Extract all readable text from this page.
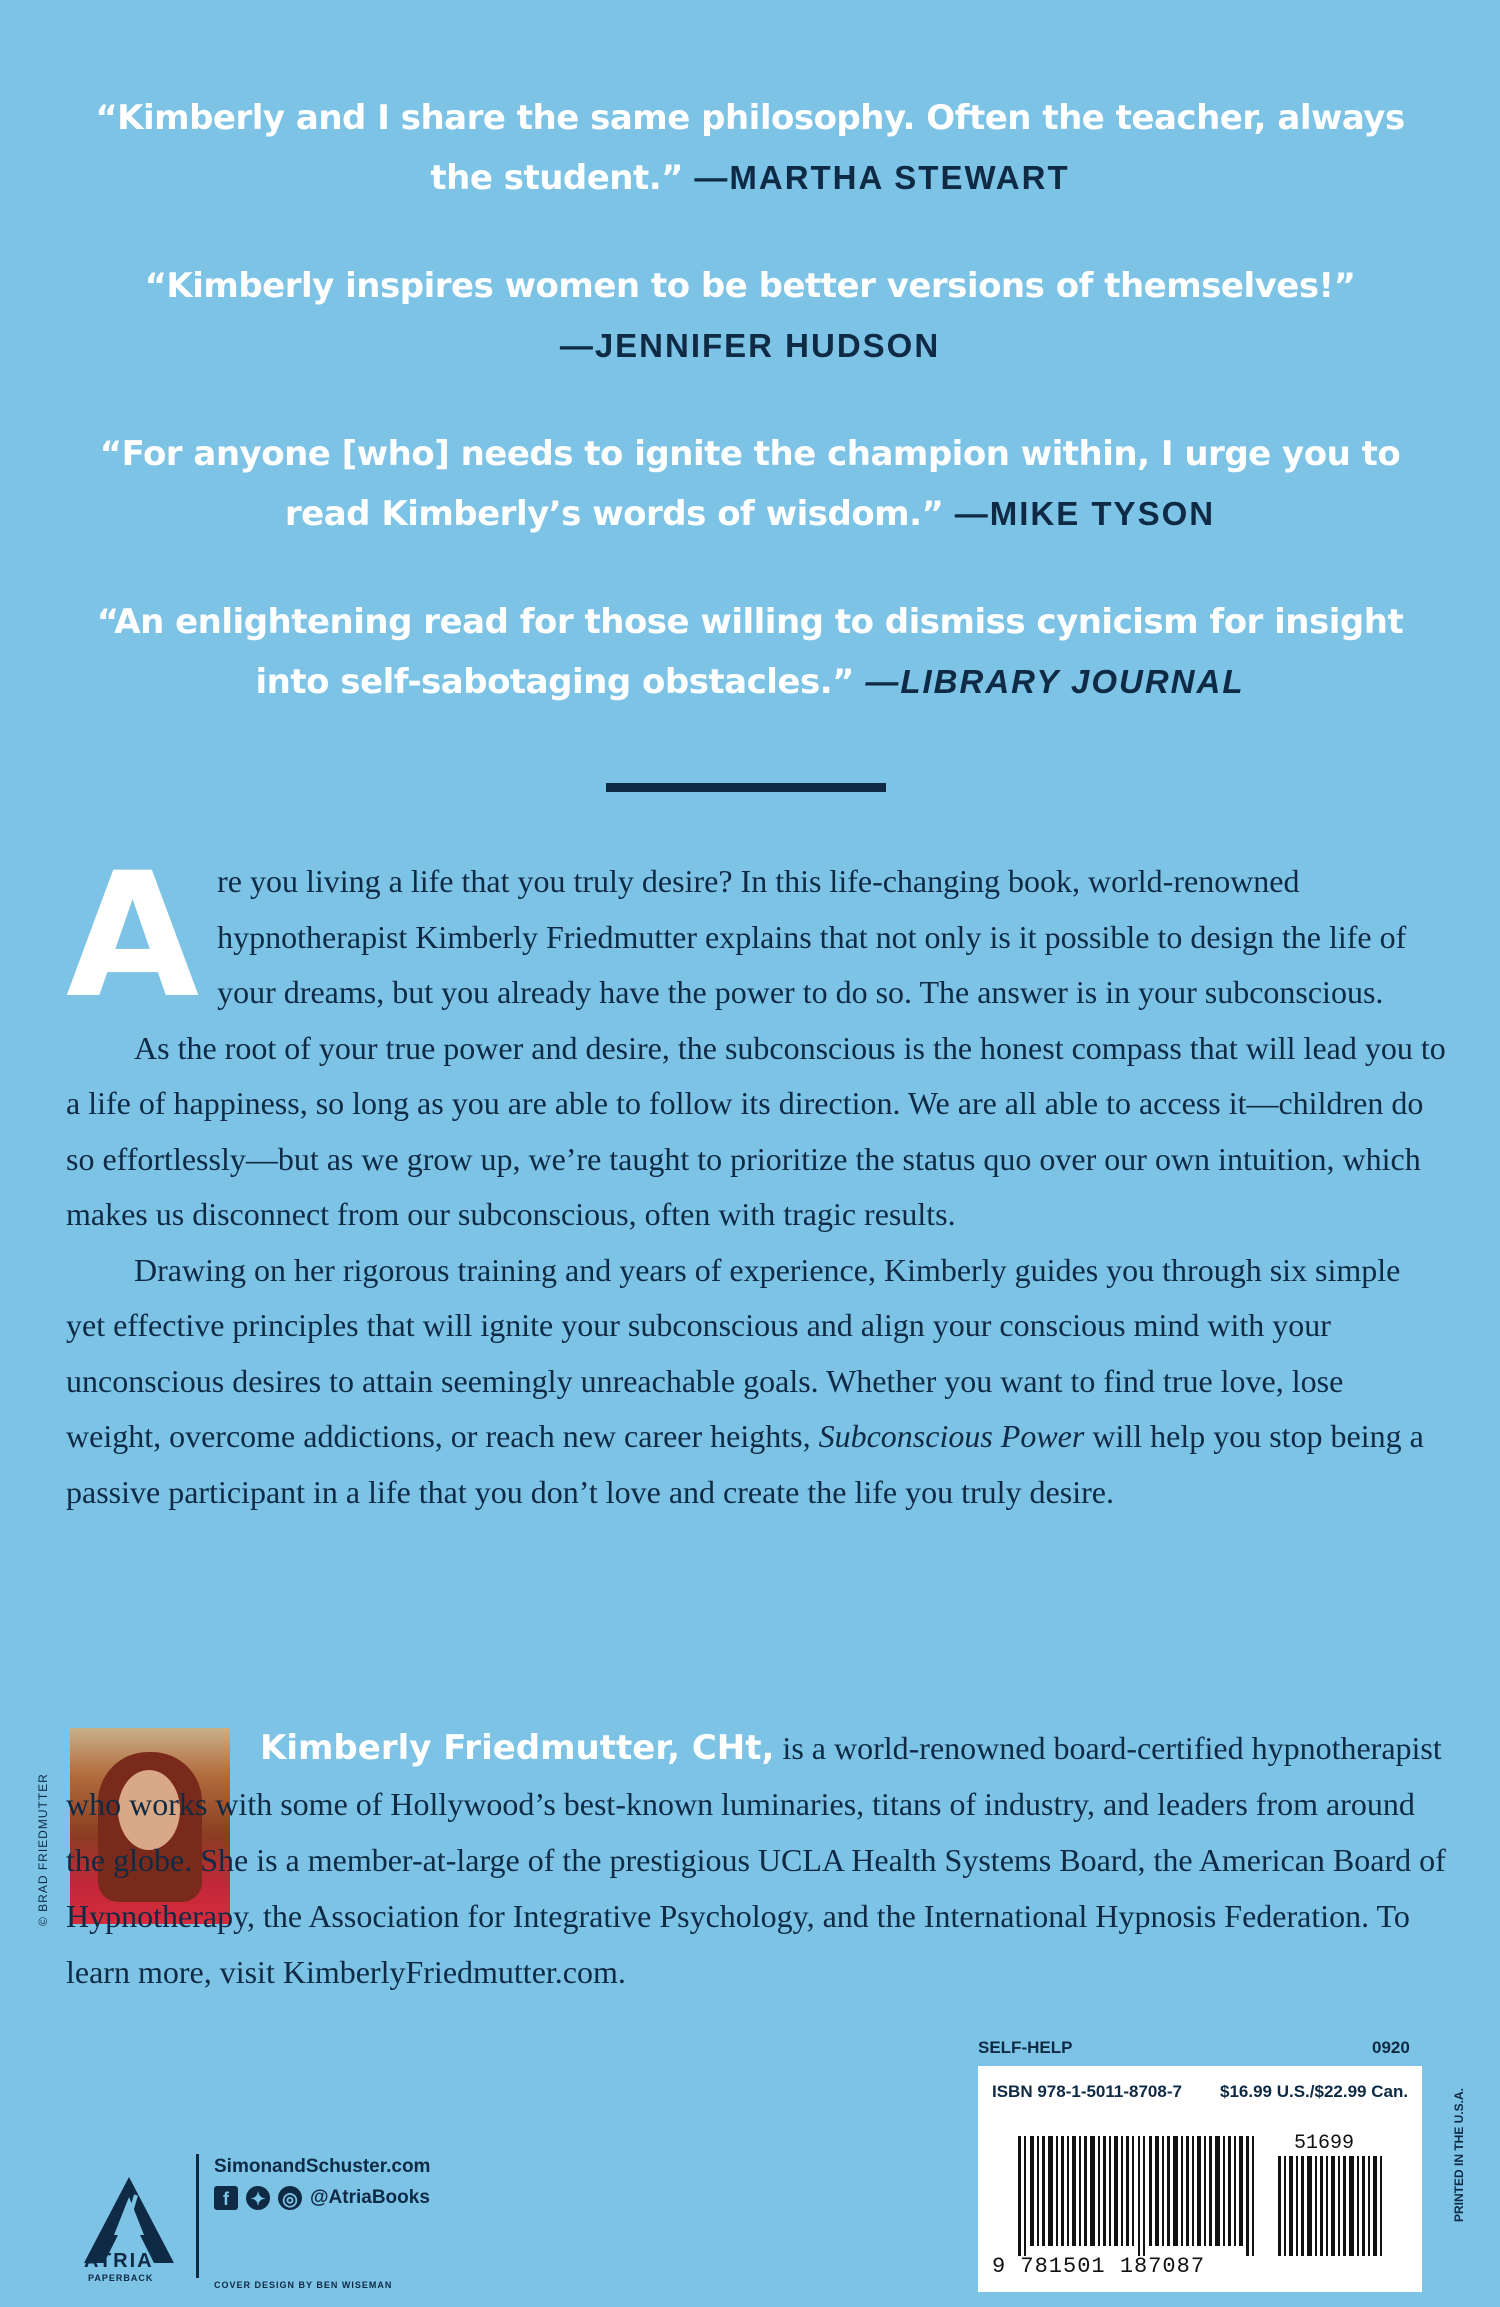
“Kimberly and I share the same philosophy. Often the teacher, always the student.” —MARTHA STEWART

“Kimberly inspires women to be better versions of themselves!”
—JENNIFER HUDSON

“For anyone [who] needs to ignite the champion within, I urge you to read Kimberly’s words of wisdom.” —MIKE TYSON

“An enlightening read for those willing to dismiss cynicism for insight into self-sabotaging obstacles.” —LIBRARY JOURNAL

Are you living a life that you truly desire? In this life-changing book, world-renowned hypnotherapist Kimberly Friedmutter explains that not only is it possible to design the life of your dreams, but you already have the power to do so. The answer is in your subconscious.

As the root of your true power and desire, the subconscious is the honest compass that will lead you to a life of happiness, so long as you are able to follow its direction. We are all able to access it—children do so effortlessly—but as we grow up, we’re taught to prioritize the status quo over our own intuition, which makes us disconnect from our subconscious, often with tragic results.

Drawing on her rigorous training and years of experience, Kimberly guides you through six simple yet effective principles that will ignite your subconscious and align your conscious mind with your unconscious desires to attain seemingly unreachable goals. Whether you want to find true love, lose weight, overcome addictions, or reach new career heights, Subconscious Power will help you stop being a passive participant in a life that you don’t love and create the life you truly desire.

© BRAD FRIEDMUTTER
Kimberly Friedmutter, CHt, is a world-renowned board-certified hypnotherapist who works with some of Hollywood’s best-known luminaries, titans of industry, and leaders from around the globe. She is a member-at-large of the prestigious UCLA Health Systems Board, the American Board of Hypnotherapy, the Association for Integrative Psychology, and the International Hypnosis Federation. To learn more, visit KimberlyFriedmutter.com.
SELF-HELP	0920
ISBN 978-1-5011-8708-7 $16.99 U.S./$22.99 Can.
51699
9 781501 187087
PRINTED IN THE U.S.A.
ATRIA
PAPERBACK
SimonandSchuster.com
f	✦ ◎ @AtriaBooks
COVER DESIGN BY BEN WISEMAN
